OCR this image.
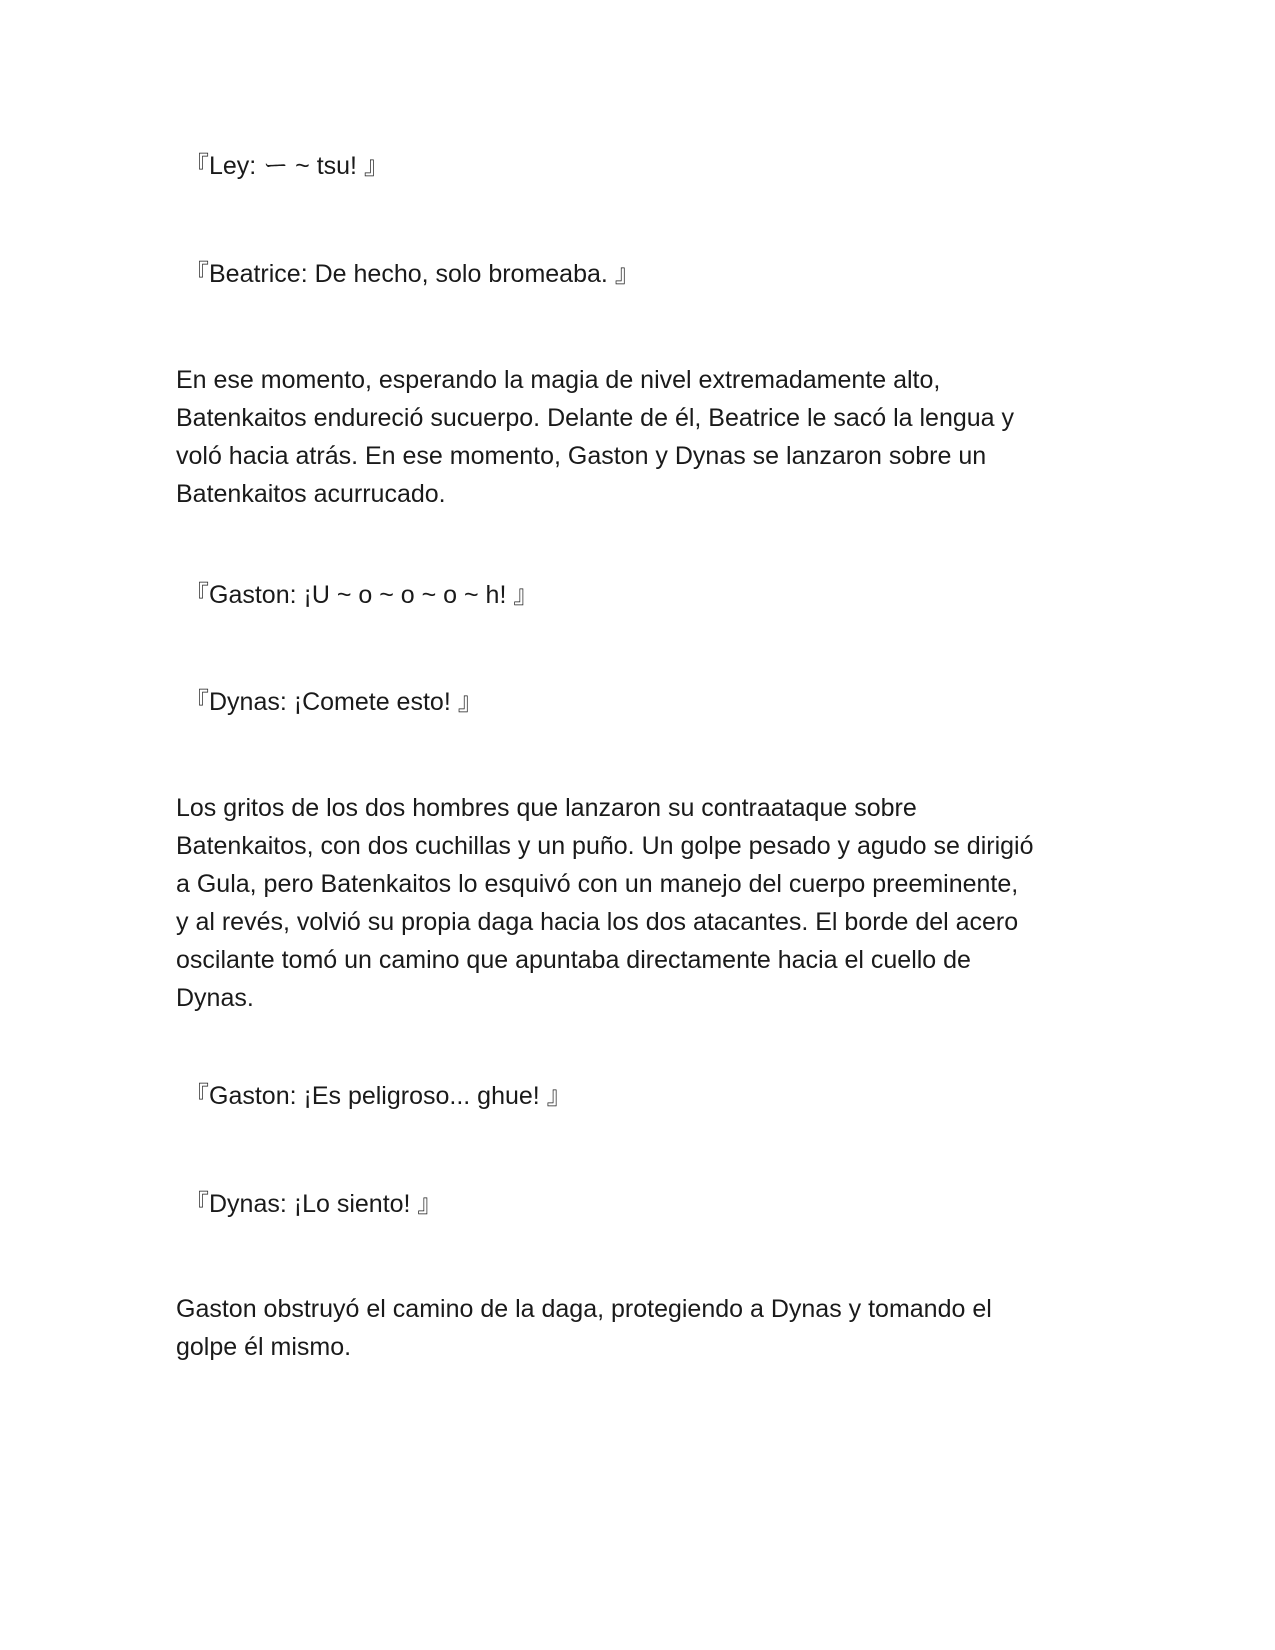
『Ley: ー ~ tsu! 』

『Beatrice: De hecho, solo bromeaba. 』

En ese momento, esperando la magia de nivel extremadamente alto,
Batenkaitos endureció sucuerpo. Delante de él, Beatrice le sacó la lengua y
voló hacia atrás. En ese momento, Gaston y Dynas se lanzaron sobre un
Batenkaitos acurrucado.

『Gaston: ¡U ~ o ~ o ~ o ~ h! 』

『Dynas: ¡Comete esto! 』

Los gritos de los dos hombres que lanzaron su contraataque sobre
Batenkaitos, con dos cuchillas y un puño. Un golpe pesado y agudo se dirigió
a Gula, pero Batenkaitos lo esquivó con un manejo del cuerpo preeminente,
y al revés, volvió su propia daga hacia los dos atacantes. El borde del acero
oscilante tomó un camino que apuntaba directamente hacia el cuello de
Dynas.

『Gaston: ¡Es peligroso... ghue! 』

『Dynas: ¡Lo siento! 』

Gaston obstruyó el camino de la daga, protegiendo a Dynas y tomando el
golpe él mismo.
